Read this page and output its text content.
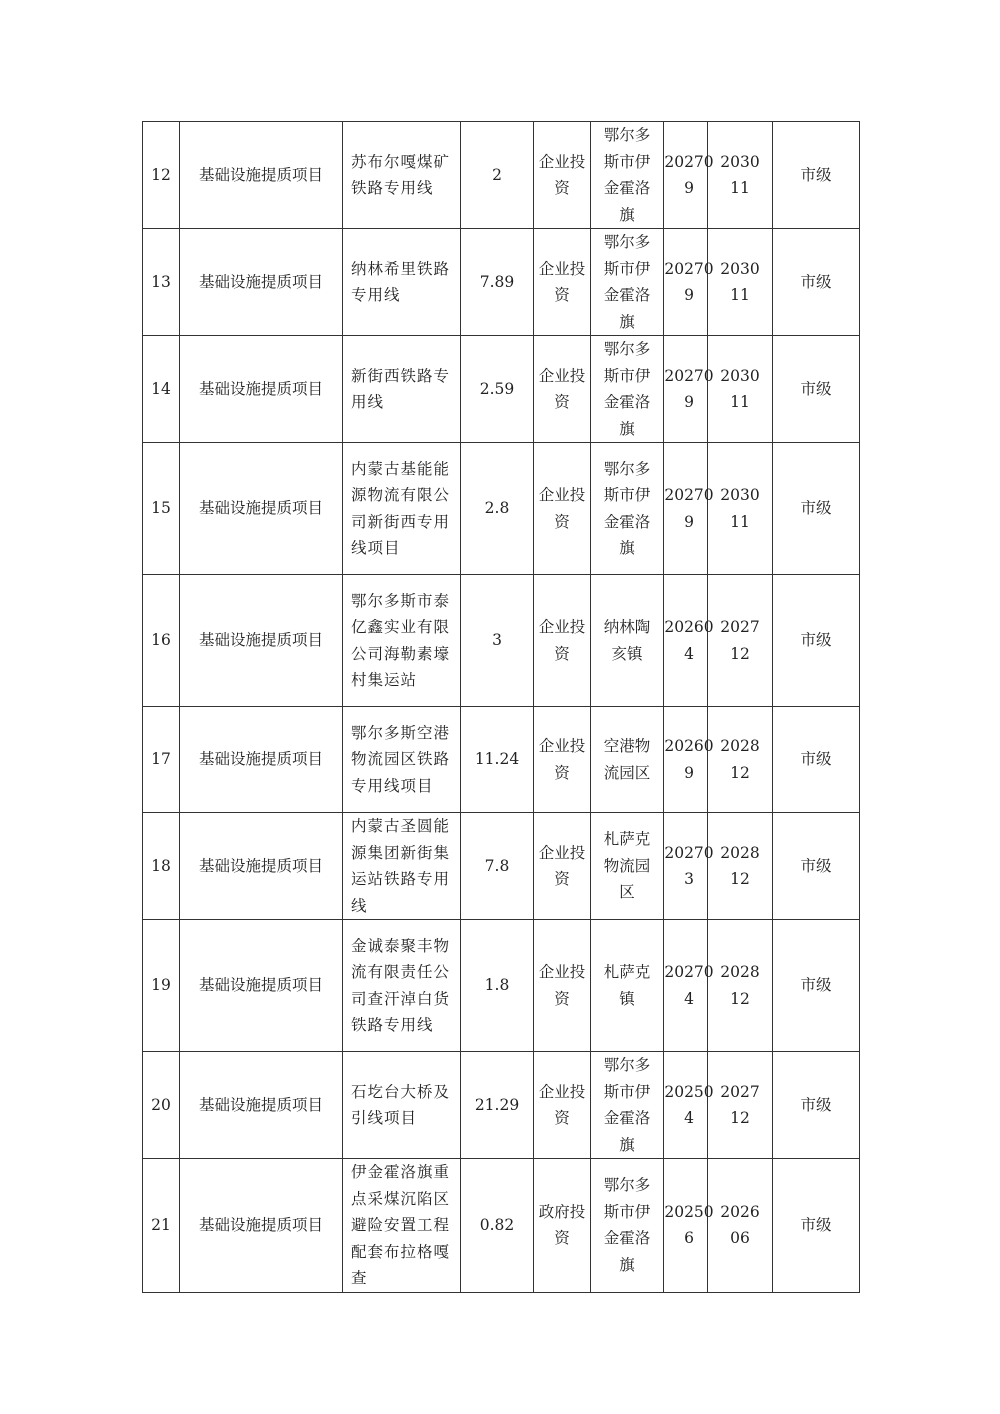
12	基础设施提质项目	苏布尔嘎煤矿铁路专用线	2	企业投资	鄂尔多斯市伊金霍洛旗	202709	203011	市级
13	基础设施提质项目	纳林希里铁路专用线	7.89	企业投资	鄂尔多斯市伊金霍洛旗	202709	203011	市级
14	基础设施提质项目	新街西铁路专用线	2.59	企业投资	鄂尔多斯市伊金霍洛旗	202709	203011	市级
15	基础设施提质项目	内蒙古基能能源物流有限公司新街西专用线项目	2.8	企业投资	鄂尔多斯市伊金霍洛旗	202709	203011	市级
16	基础设施提质项目	鄂尔多斯市泰亿鑫实业有限公司海勒素壕村集运站	3	企业投资	纳林陶亥镇	202604	202712	市级
17	基础设施提质项目	鄂尔多斯空港物流园区铁路专用线项目	11.24	企业投资	空港物流园区	202609	202812	市级
18	基础设施提质项目	内蒙古圣圆能源集团新街集运站铁路专用线	7.8	企业投资	札萨克物流园区	202703	202812	市级
19	基础设施提质项目	金诚泰聚丰物流有限责任公司查汗淖白货铁路专用线	1.8	企业投资	札萨克镇	202704	202812	市级
20	基础设施提质项目	石圪台大桥及引线项目	21.29	企业投资	鄂尔多斯市伊金霍洛旗	202504	202712	市级
21	基础设施提质项目	伊金霍洛旗重点采煤沉陷区避险安置工程配套布拉格嘎查	0.82	政府投资	鄂尔多斯市伊金霍洛旗	202506	202606	市级
